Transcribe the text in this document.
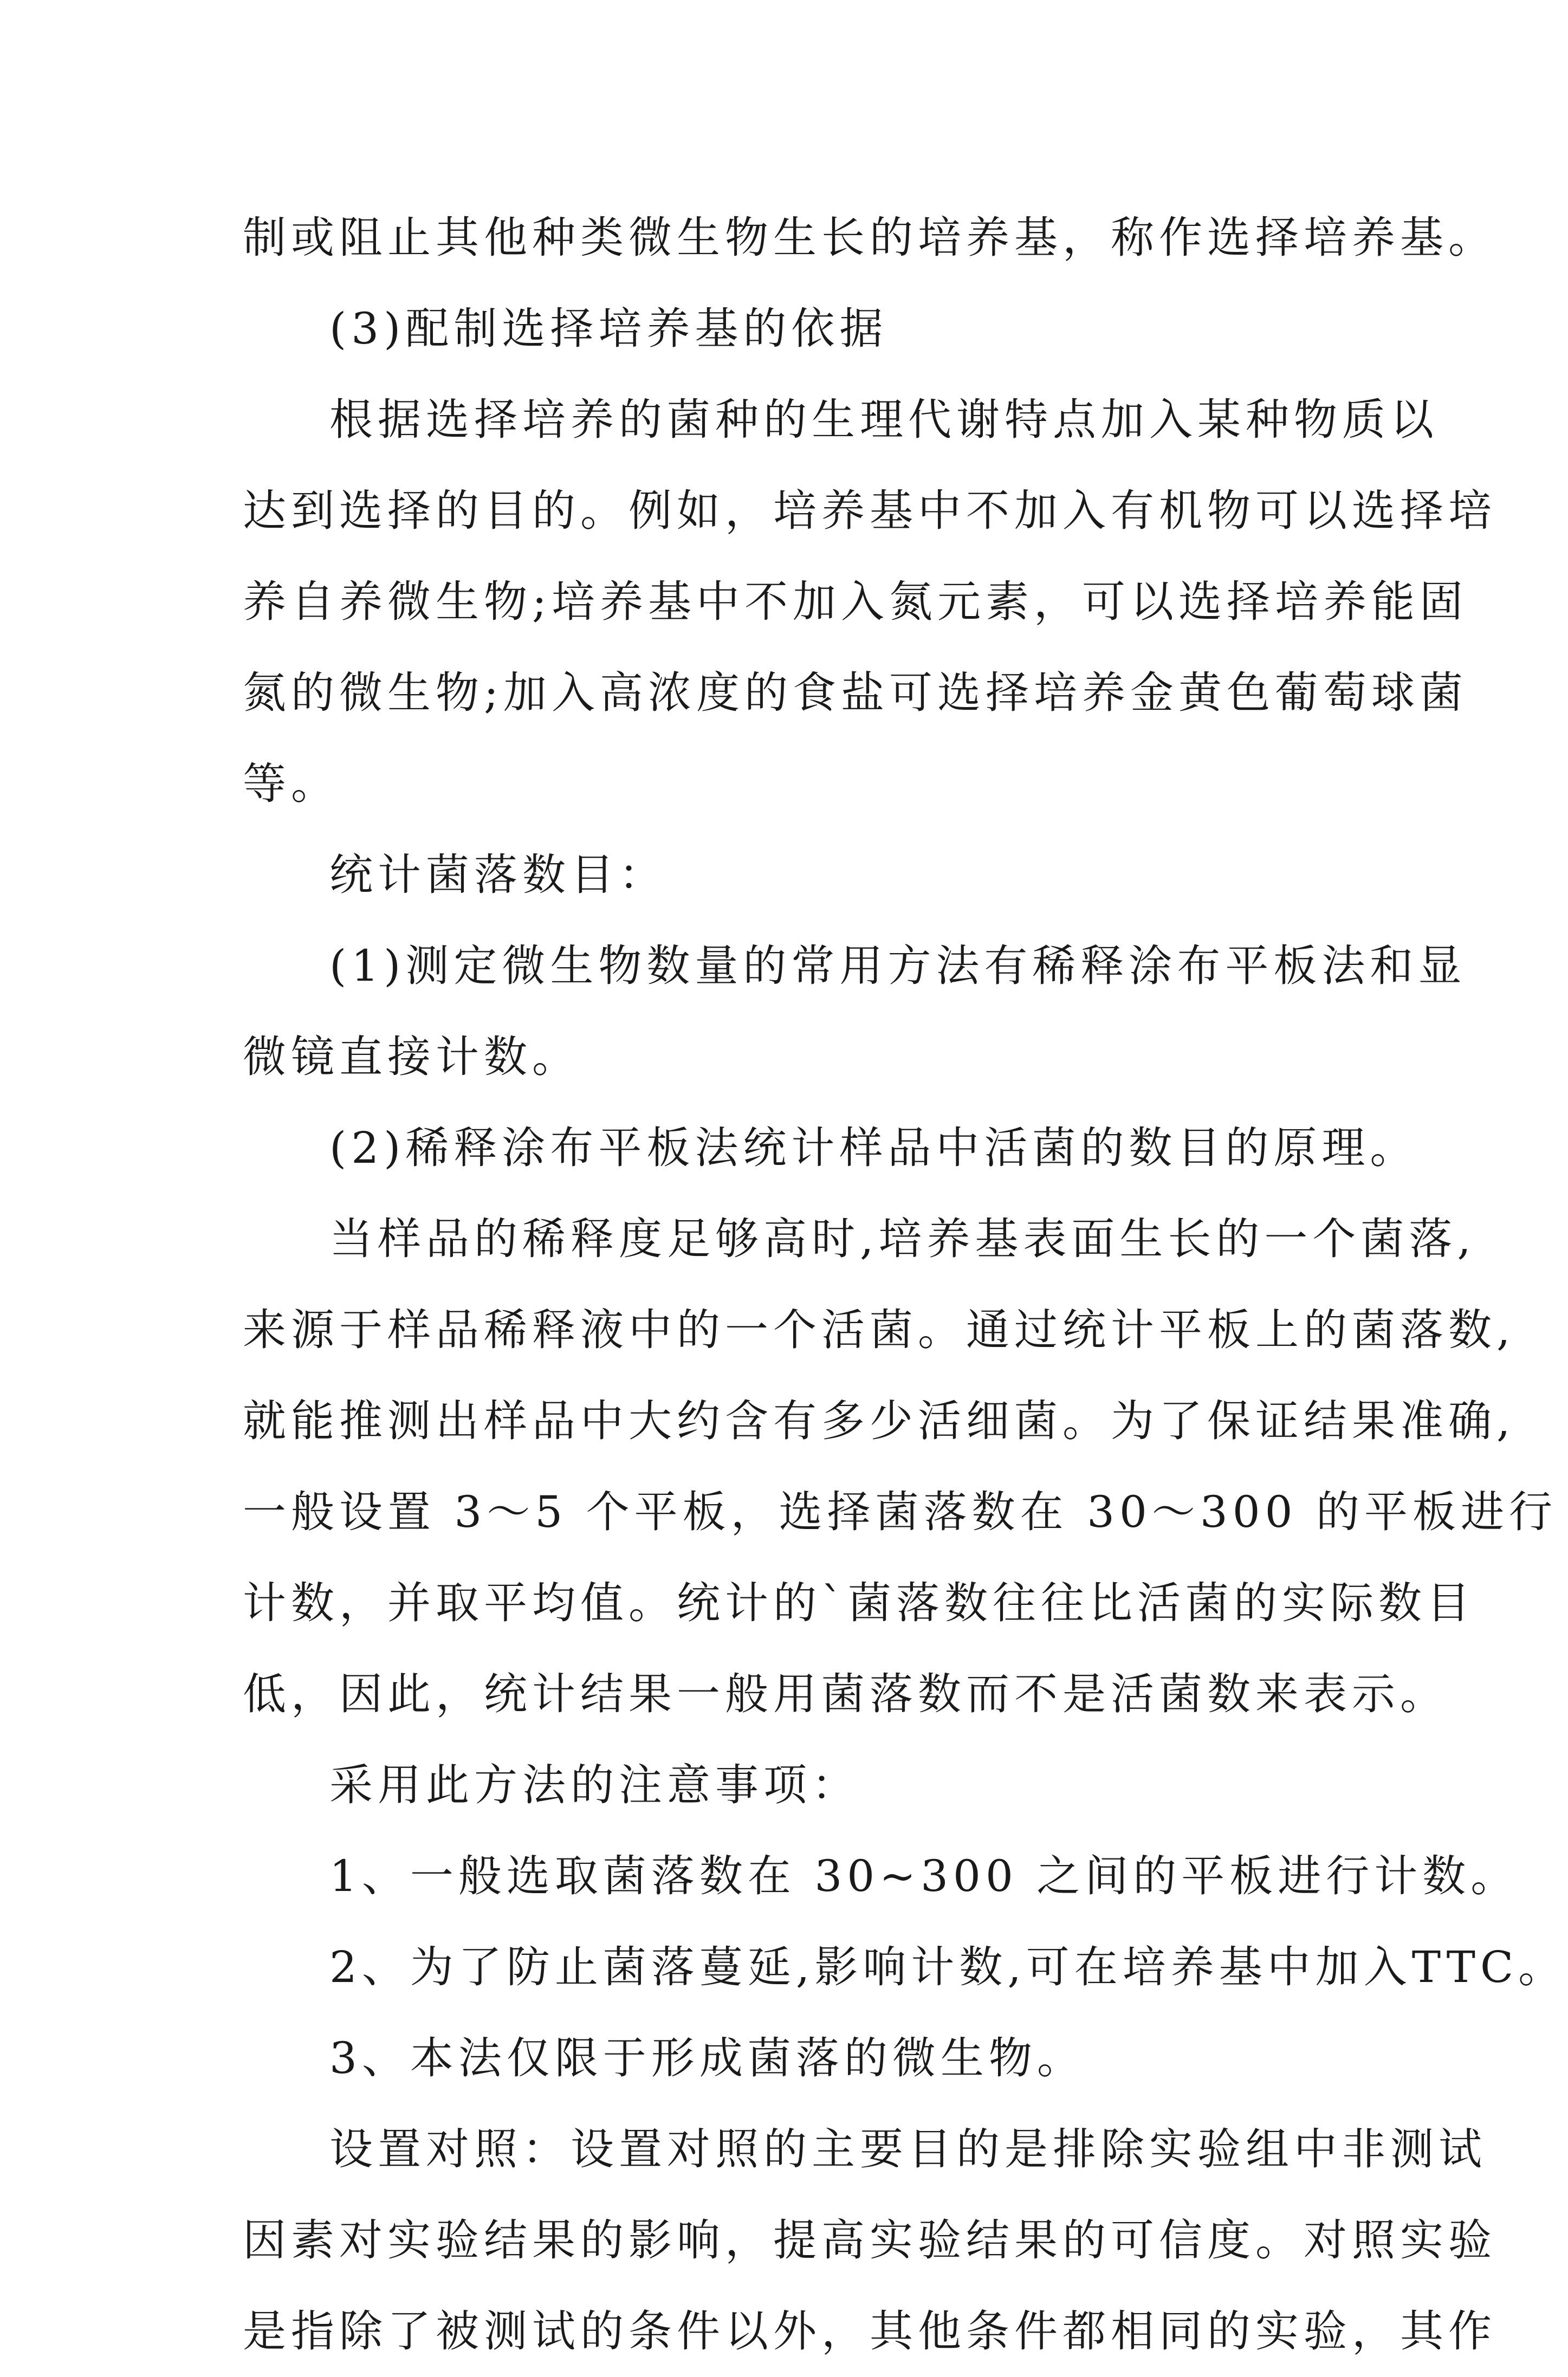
制或阻止其他种类微生物生长的培养基，称作选择培养基。
(3)配制选择培养基的依据
根据选择培养的菌种的生理代谢特点加入某种物质以
达到选择的目的。例如，培养基中不加入有机物可以选择培
养自养微生物;培养基中不加入氮元素，可以选择培养能固
氮的微生物;加入高浓度的食盐可选择培养金黄色葡萄球菌
等。
统计菌落数目：
(1)测定微生物数量的常用方法有稀释涂布平板法和显
微镜直接计数。
(2)稀释涂布平板法统计样品中活菌的数目的原理。
当样品的稀释度足够高时,培养基表面生长的一个菌落,
来源于样品稀释液中的一个活菌。通过统计平板上的菌落数,
就能推测出样品中大约含有多少活细菌。为了保证结果准确,
一般设置 3～5 个平板，选择菌落数在 30～300 的平板进行
计数，并取平均值。统计的`菌落数往往比活菌的实际数目
低，因此，统计结果一般用菌落数而不是活菌数来表示。
采用此方法的注意事项：
1、一般选取菌落数在 30~300 之间的平板进行计数。
2、为了防止菌落蔓延,影响计数,可在培养基中加入TTC。
3、本法仅限于形成菌落的微生物。
设置对照：设置对照的主要目的是排除实验组中非测试
因素对实验结果的影响，提高实验结果的可信度。对照实验
是指除了被测试的条件以外，其他条件都相同的实验，其作
